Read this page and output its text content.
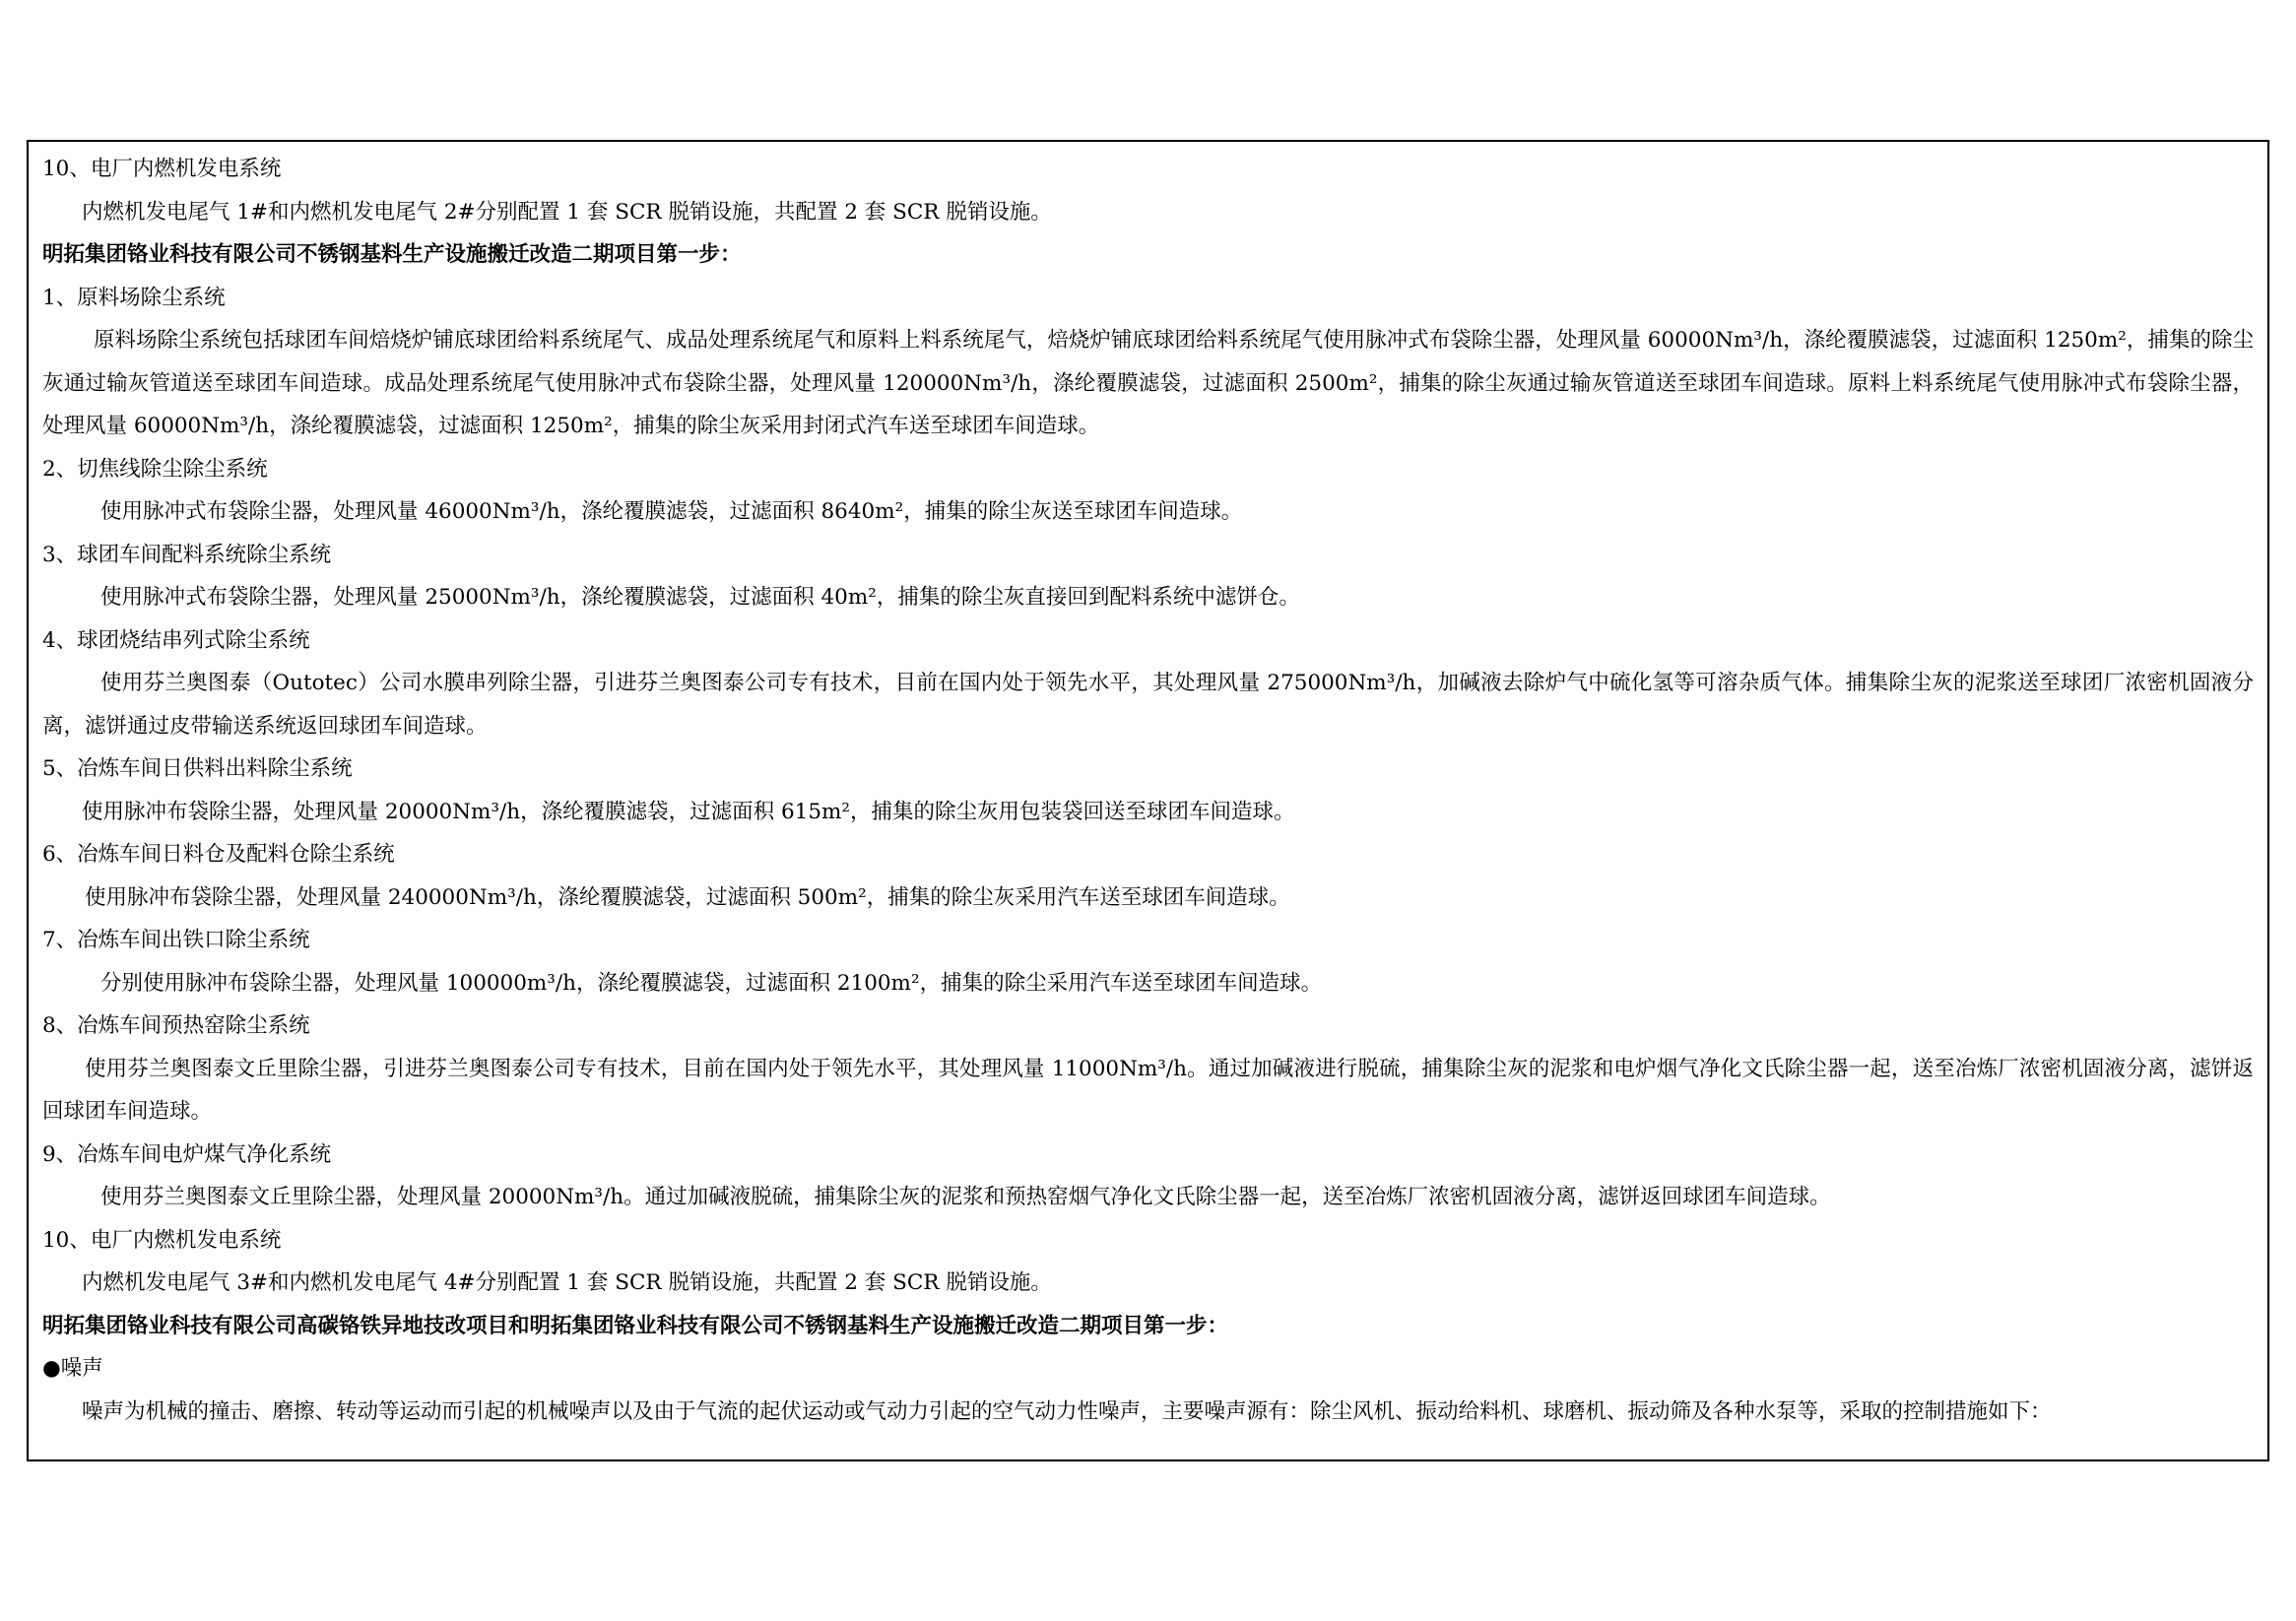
10、电厂内燃机发电系统

内燃机发电尾气 1#和内燃机发电尾气 2#分别配置 1 套 SCR 脱销设施，共配置 2 套 SCR 脱销设施。

明拓集团铬业科技有限公司不锈钢基料生产设施搬迁改造二期项目第一步：

1、原料场除尘系统

原料场除尘系统包括球团车间焙烧炉铺底球团给料系统尾气、成品处理系统尾气和原料上料系统尾气，焙烧炉铺底球团给料系统尾气使用脉冲式布袋除尘器，处理风量 60000Nm³/h，涤纶覆膜滤袋，过滤面积 1250m²，捕集的除尘灰通过输灰管道送至球团车间造球。成品处理系统尾气使用脉冲式布袋除尘器，处理风量 120000Nm³/h，涤纶覆膜滤袋，过滤面积 2500m²，捕集的除尘灰通过输灰管道送至球团车间造球。原料上料系统尾气使用脉冲式布袋除尘器，处理风量 60000Nm³/h，涤纶覆膜滤袋，过滤面积 1250m²，捕集的除尘灰采用封闭式汽车送至球团车间造球。

2、切焦线除尘除尘系统

使用脉冲式布袋除尘器，处理风量 46000Nm³/h，涤纶覆膜滤袋，过滤面积 8640m²，捕集的除尘灰送至球团车间造球。

3、球团车间配料系统除尘系统

使用脉冲式布袋除尘器，处理风量 25000Nm³/h，涤纶覆膜滤袋，过滤面积 40m²，捕集的除尘灰直接回到配料系统中滤饼仓。

4、球团烧结串列式除尘系统

使用芬兰奥图泰（Outotec）公司水膜串列除尘器，引进芬兰奥图泰公司专有技术，目前在国内处于领先水平，其处理风量 275000Nm³/h，加碱液去除炉气中硫化氢等可溶杂质气体。捕集除尘灰的泥浆送至球团厂浓密机固液分离，滤饼通过皮带输送系统返回球团车间造球。

5、冶炼车间日供料出料除尘系统

使用脉冲布袋除尘器，处理风量 20000Nm³/h，涤纶覆膜滤袋，过滤面积 615m²，捕集的除尘灰用包装袋回送至球团车间造球。

6、冶炼车间日料仓及配料仓除尘系统

使用脉冲布袋除尘器，处理风量 240000Nm³/h，涤纶覆膜滤袋，过滤面积 500m²，捕集的除尘灰采用汽车送至球团车间造球。

7、冶炼车间出铁口除尘系统

分别使用脉冲布袋除尘器，处理风量 100000m³/h，涤纶覆膜滤袋，过滤面积 2100m²，捕集的除尘采用汽车送至球团车间造球。

8、冶炼车间预热窑除尘系统

使用芬兰奥图泰文丘里除尘器，引进芬兰奥图泰公司专有技术，目前在国内处于领先水平，其处理风量 11000Nm³/h。通过加碱液进行脱硫，捕集除尘灰的泥浆和电炉烟气净化文氏除尘器一起，送至冶炼厂浓密机固液分离，滤饼返回球团车间造球。

9、冶炼车间电炉煤气净化系统

使用芬兰奥图泰文丘里除尘器，处理风量 20000Nm³/h。通过加碱液脱硫，捕集除尘灰的泥浆和预热窑烟气净化文氏除尘器一起，送至冶炼厂浓密机固液分离，滤饼返回球团车间造球。

10、电厂内燃机发电系统

内燃机发电尾气 3#和内燃机发电尾气 4#分别配置 1 套 SCR 脱销设施，共配置 2 套 SCR 脱销设施。

明拓集团铬业科技有限公司高碳铬铁异地技改项目和明拓集团铬业科技有限公司不锈钢基料生产设施搬迁改造二期项目第一步：

●噪声

噪声为机械的撞击、磨擦、转动等运动而引起的机械噪声以及由于气流的起伏运动或气动力引起的空气动力性噪声，主要噪声源有：除尘风机、振动给料机、球磨机、振动筛及各种水泵等，采取的控制措施如下：
